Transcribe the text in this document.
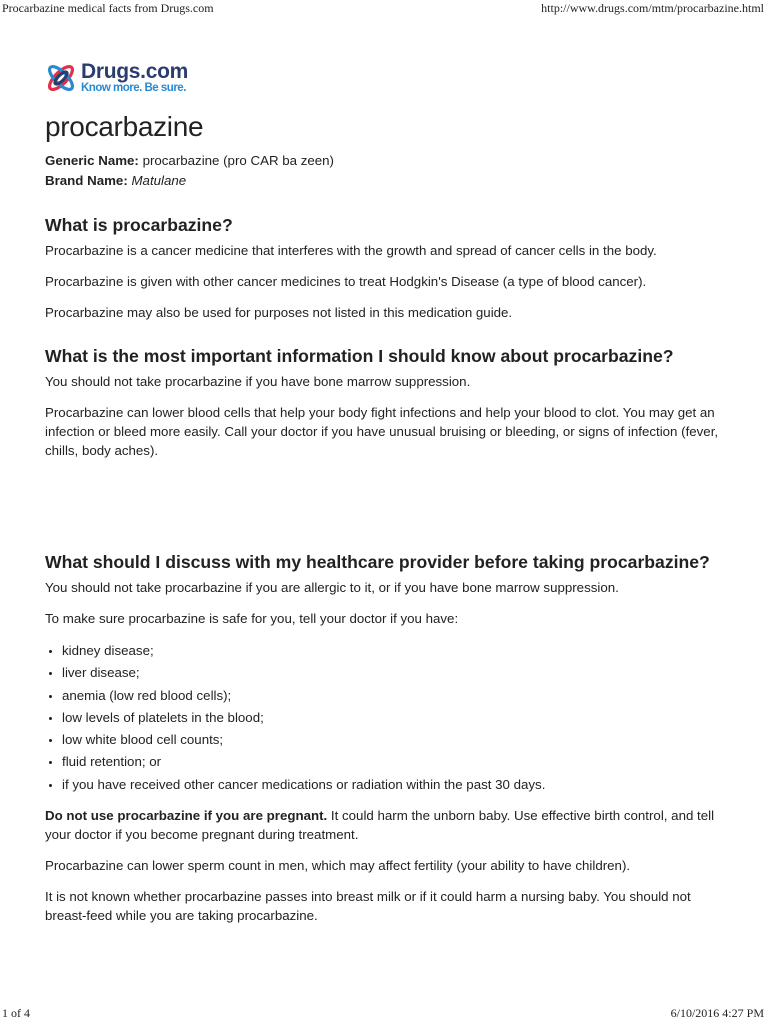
Procarbazine medical facts from Drugs.com	http://www.drugs.com/mtm/procarbazine.html
Drugs.com
Know more. Be sure.
procarbazine
Generic Name: procarbazine (pro CAR ba zeen)
Brand Name: Matulane
What is procarbazine?

Procarbazine is a cancer medicine that interferes with the growth and spread of cancer cells in the body.

Procarbazine is given with other cancer medicines to treat Hodgkin's Disease (a type of blood cancer).

Procarbazine may also be used for purposes not listed in this medication guide.

What is the most important information I should know about procarbazine?

You should not take procarbazine if you have bone marrow suppression.

Procarbazine can lower blood cells that help your body fight infections and help your blood to clot. You may get an infection or bleed more easily. Call your doctor if you have unusual bruising or bleeding, or signs of infection (fever, chills, body aches).

What should I discuss with my healthcare provider before taking procarbazine?

You should not take procarbazine if you are allergic to it, or if you have bone marrow suppression.

To make sure procarbazine is safe for you, tell your doctor if you have:

• kidney disease;
• liver disease;
• anemia (low red blood cells);
• low levels of platelets in the blood;
• low white blood cell counts;
• fluid retention; or
• if you have received other cancer medications or radiation within the past 30 days.

Do not use procarbazine if you are pregnant. It could harm the unborn baby. Use effective birth control, and tell your doctor if you become pregnant during treatment.

Procarbazine can lower sperm count in men, which may affect fertility (your ability to have children).

It is not known whether procarbazine passes into breast milk or if it could harm a nursing baby. You should not breast-feed while you are taking procarbazine.

1 of 4	6/10/2016 4:27 PM
